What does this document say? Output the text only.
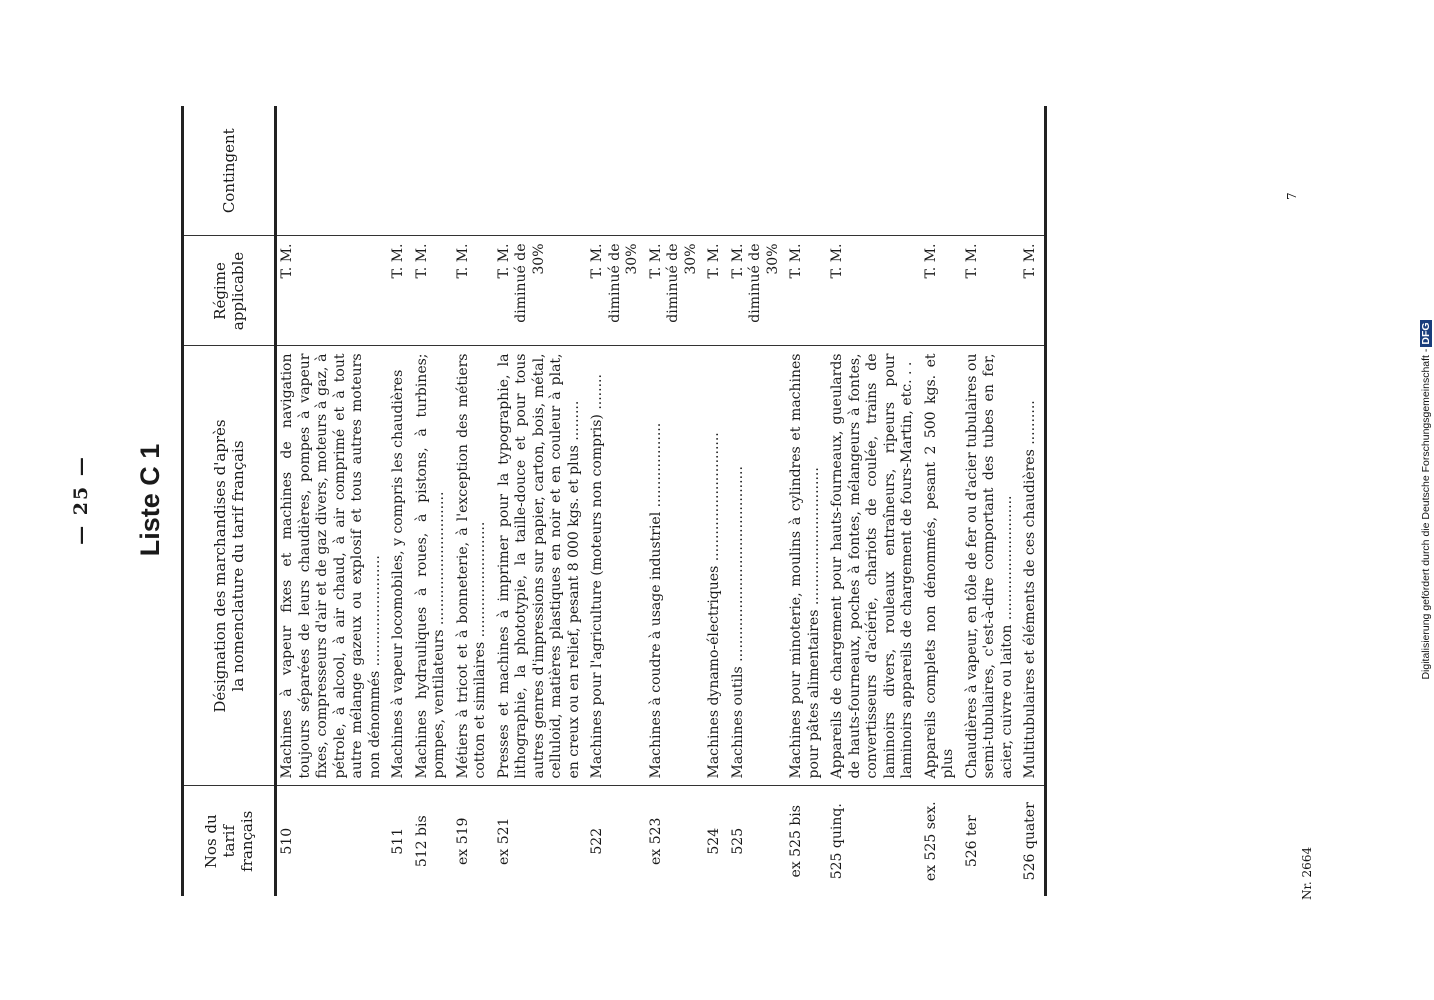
— 25 — Liste C 1
Nos du tarif français	Désignation des marchandises d'après la nomenclature du tarif français	Régime applicable	Contingent
510	Machines à vapeur fixes et machines de navigation toujours séparées de leurs chaudières, pompes à vapeur fixes, compresseurs d'air et de gaz divers, moteurs à gaz, à pétrole, à alcool, à air chaud, à air comprimé et à tout autre mélange gazeux ou explosif et tous autres moteurs non dénommés .........................	T. M.	
511	Machines à vapeur locomobiles, y compris les chaudières	T. M.	
512 bis	Machines hydrauliques à roues, à pistons, à turbines; pompes, ventilateurs ..............................	T. M.	
ex 519	Métiers à tricot et à bonneterie, à l'exception des métiers cotton et similaires ..........................	T. M.	
ex 521	Presses et machines à imprimer pour la typographie, la lithographie, la phototypie, la taille-douce et pour tous autres genres d'impressions sur papier, carton, bois, métal, celluloid, matières plastiques en noir et en couleur à plat, en creux ou en relief, pesant 8 000 kgs. et plus .........	T. M. diminué de 30%	
522	Machines pour l'agriculture (moteurs non compris) ........	T. M. diminué de 30%	
ex 523	Machines à coudre à usage industriel ...................	T. M. diminué de 30%	
524	Machines dynamo-électriques .............................	T. M.	
525	Machines outils ............................................	T. M. diminué de 30%	
ex 525 bis	Machines pour minoterie, moulins à cylindres et machines pour pâtes alimentaires ...............................	T. M.	
525 quinq.	Appareils de chargement pour hauts-fourneaux, gueulards de hauts-fourneaux, poches à fontes, mélangeurs à fontes, convertisseurs d'aciérie, chariots de coulée, trains de laminoirs divers, rouleaux entraîneurs, ripeurs pour laminoirs appareils de chargement de fours-Martin, etc. . .	T. M.	
ex 525 sex.	Appareils complets non dénommés, pesant 2 500 kgs. et plus	T. M.	
526 ter	Chaudières à vapeur, en tôle de fer ou d'acier tubulaires ou semi-tubulaires, c'est-à-dire comportant des tubes en fer, acier, cuivre ou laiton ............................	T. M.	
526 quater	Multitubulaires et éléments de ces chaudières ..........	T. M.	
Nr. 2664
7
Digitalisierung gefördert durch die Deutsche Forschungsgemeinschaft -DFG
